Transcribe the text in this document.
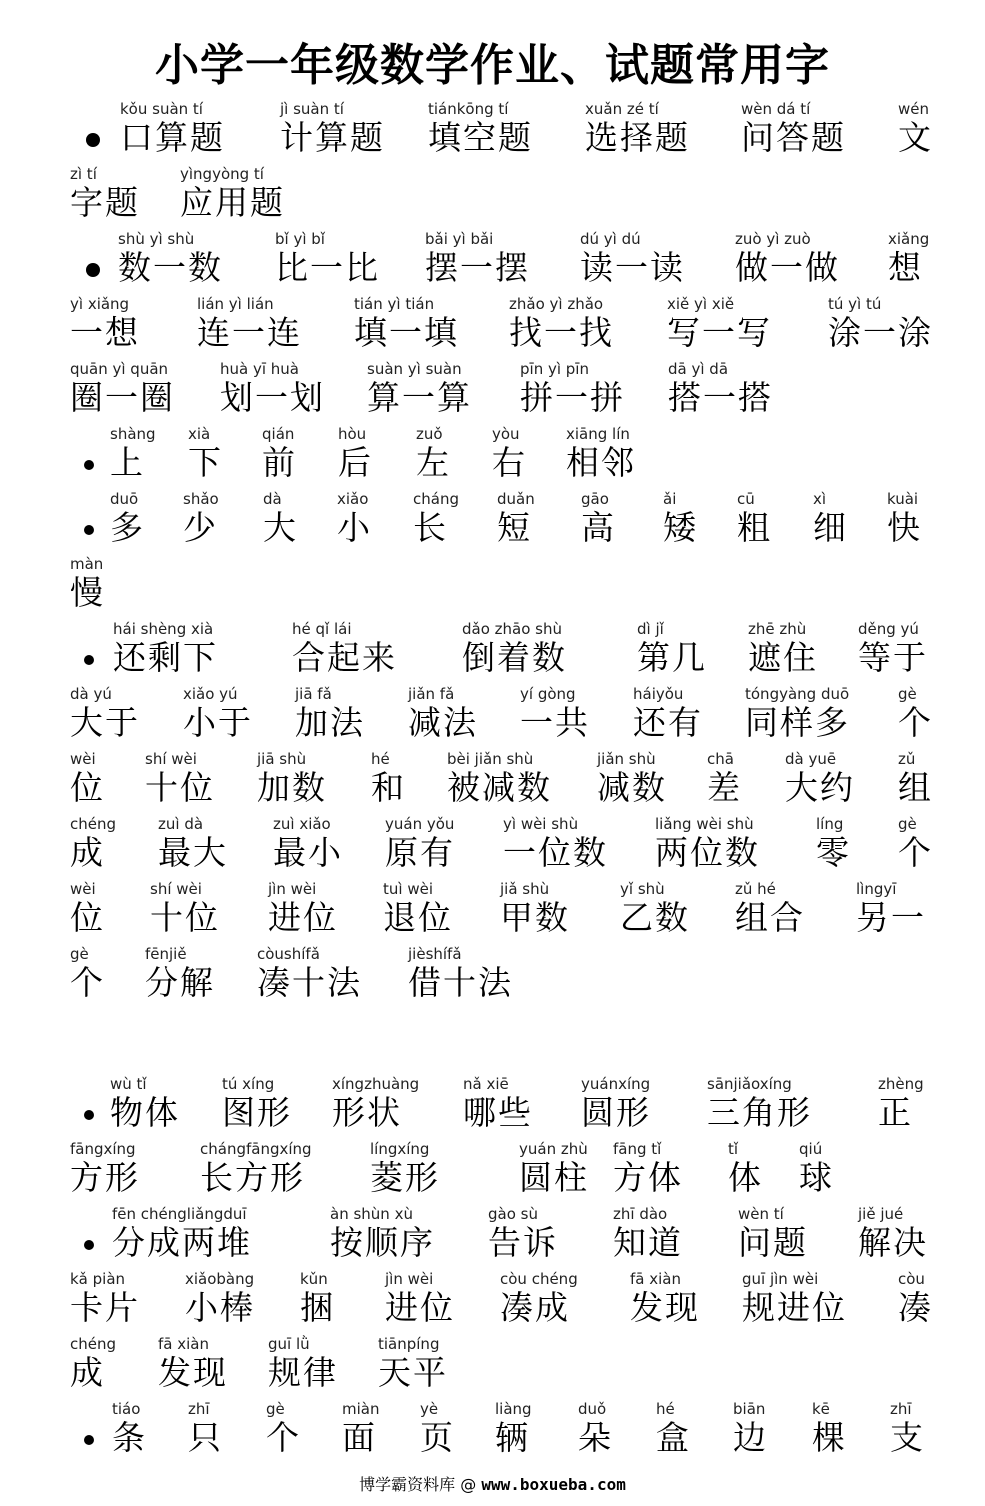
小学一年级数学作业、试题常用字
kǒu suàn tí
口算题
jì suàn tí
计算题
tiánkōng tí
填空题
xuǎn zé tí
选择题
wèn dá tí
问答题
wén
文
zì tí
字题
yìngyòng tí
应用题
shù yì shù
数一数
bǐ yì bǐ
比一比
bǎi yì bǎi
摆一摆
dú yì dú
读一读
zuò yì zuò
做一做
xiǎng
想
yì xiǎng
一想
lián yì lián
连一连
tián yì tián
填一填
zhǎo yì zhǎo
找一找
xiě yì xiě
写一写
tú yì tú
涂一涂
quān yì quān
圈一圈
huà yī huà
划一划
suàn yì suàn
算一算
pīn yì pīn
拼一拼
dā yì dā
搭一搭
shàng
上
xià
下
qián
前
hòu
后
zuǒ
左
yòu
右
xiāng lín
相邻
duō
多
shǎo
少
dà
大
xiǎo
小
cháng
长
duǎn
短
gāo
高
ǎi
矮
cū
粗
xì
细
kuài
快
màn
慢
hái shèng xià
还剩下
hé qǐ lái
合起来
dǎo zhāo shù
倒着数
dì jǐ
第几
zhē zhù
遮住
děng yú
等于
dà yú
大于
xiǎo yú
小于
jiā fǎ
加法
jiǎn fǎ
减法
yí gòng
一共
háiyǒu
还有
tóngyàng duō
同样多
gè
个
wèi
位
shí wèi
十位
jiā shù
加数
hé
和
bèi jiǎn shù
被减数
jiǎn shù
减数
chā
差
dà yuē
大约
zǔ
组
chéng
成
zuì dà
最大
zuì xiǎo
最小
yuán yǒu
原有
yì wèi shù
一位数
liǎng wèi shù
两位数
líng
零
gè
个
wèi
位
shí wèi
十位
jìn wèi
进位
tuì wèi
退位
jiǎ shù
甲数
yǐ shù
乙数
zǔ hé
组合
lìngyī
另一
gè
个
fēnjiě
分解
còushífǎ
凑十法
jièshífǎ
借十法
wù tǐ
物体
tú xíng
图形
xíngzhuàng
形状
nǎ xiē
哪些
yuánxíng
圆形
sānjiǎoxíng
三角形
zhèng
正
fāngxíng
方形
chángfāngxíng
长方形
língxíng
菱形
yuán zhù
圆柱
fāng tǐ
方体
tǐ
体
qiú
球
fēn chéngliǎngduī
分成两堆
àn shùn xù
按顺序
gào sù
告诉
zhī dào
知道
wèn tí
问题
jiě jué
解决
kǎ piàn
卡片
xiǎobàng
小棒
kǔn
捆
jìn wèi
进位
còu chéng
凑成
fā xiàn
发现
guī jìn wèi
规进位
còu
凑
chéng
成
fā xiàn
发现
guī lǜ
规律
tiānpíng
天平
tiáo
条
zhī
只
gè
个
miàn
面
yè
页
liàng
辆
duǒ
朵
hé
盒
biān
边
kē
棵
zhī
支
博学霸资料库 @ www.boxueba.com
